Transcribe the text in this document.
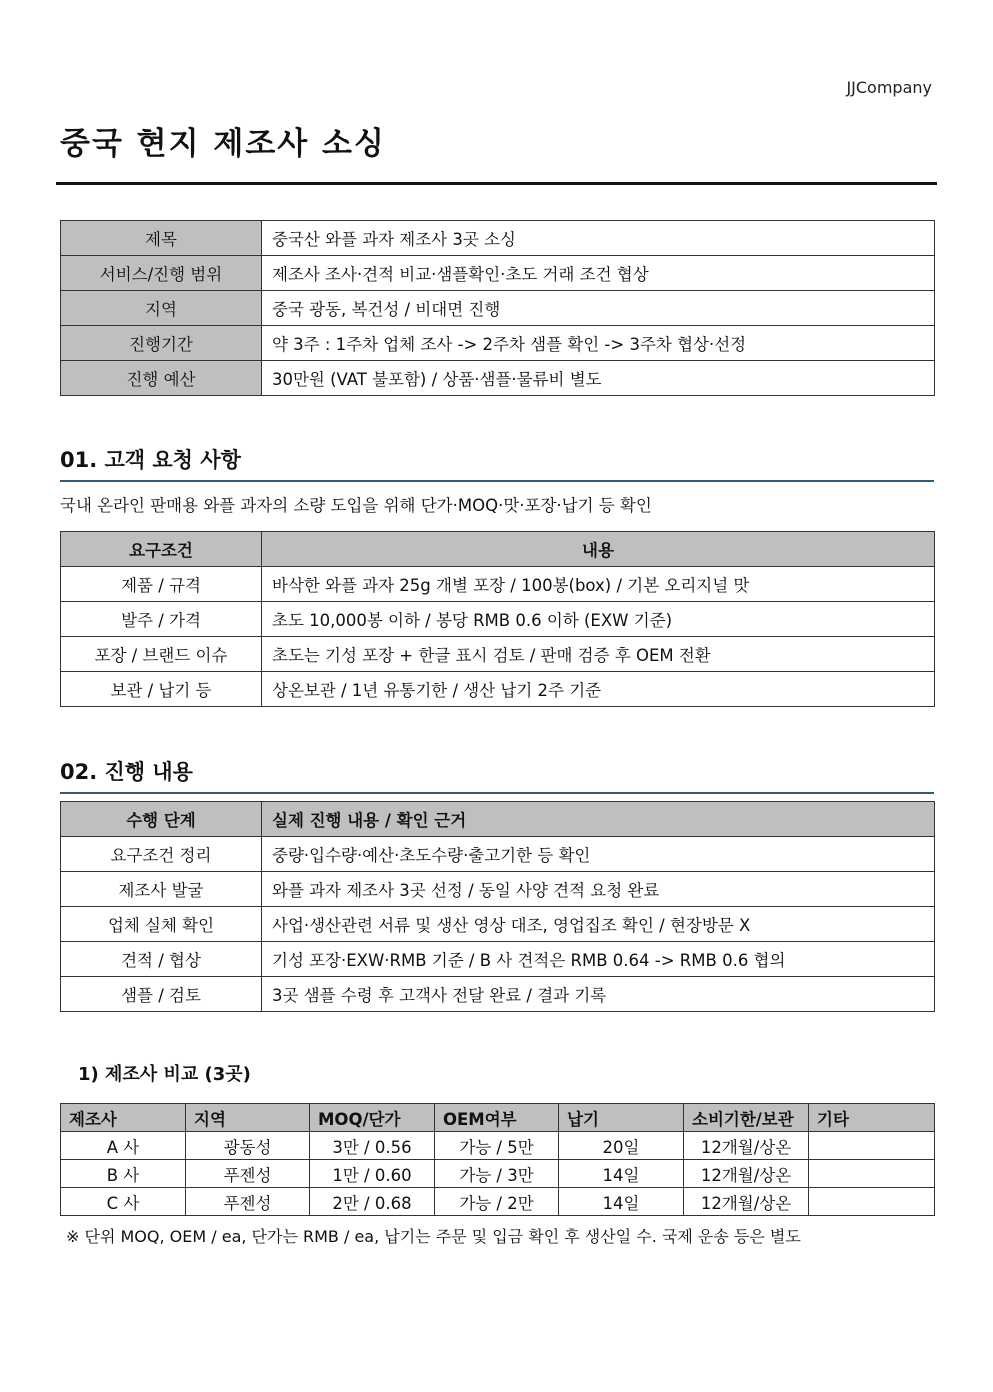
JJCompany
중국 현지 제조사 소싱
제목	중국산 와플 과자 제조사 3곳 소싱
서비스/진행 범위	제조사 조사·견적 비교·샘플확인·초도 거래 조건 협상
지역	중국 광동, 복건성 / 비대면 진행
진행기간	약 3주 : 1주차 업체 조사 -> 2주차 샘플 확인 -> 3주차 협상·선정
진행 예산	30만원 (VAT 불포함) / 상품·샘플·물류비 별도
01. 고객 요청 사항
국내 온라인 판매용 와플 과자의 소량 도입을 위해 단가·MOQ·맛·포장·납기 등 확인
요구조건	내용
제품 / 규격	바삭한 와플 과자 25g 개별 포장 / 100봉(box) / 기본 오리지널 맛
발주 / 가격	초도 10,000봉 이하 / 봉당 RMB 0.6 이하 (EXW 기준)
포장 / 브랜드 이슈	초도는 기성 포장 + 한글 표시 검토 / 판매 검증 후 OEM 전환
보관 / 납기 등	상온보관 / 1년 유통기한 / 생산 납기 2주 기준
02. 진행 내용
수행 단계	실제 진행 내용 / 확인 근거
요구조건 정리	중량·입수량·예산·초도수량·출고기한 등 확인
제조사 발굴	와플 과자 제조사 3곳 선정 / 동일 사양 견적 요청 완료
업체 실체 확인	사업·생산관련 서류 및 생산 영상 대조, 영업집조 확인 / 현장방문 X
견적 / 협상	기성 포장·EXW·RMB 기준 / B 사 견적은 RMB 0.64 -> RMB 0.6 협의
샘플 / 검토	3곳 샘플 수령 후 고객사 전달 완료 / 결과 기록
1) 제조사 비교 (3곳)
제조사	지역	MOQ/단가	OEM여부	납기	소비기한/보관	기타
A 사	광동성	3만 / 0.56	가능 / 5만	20일	12개월/상온	
B 사	푸젠성	1만 / 0.60	가능 / 3만	14일	12개월/상온	
C 사	푸젠성	2만 / 0.68	가능 / 2만	14일	12개월/상온	
※ 단위 MOQ, OEM / ea, 단가는 RMB / ea, 납기는 주문 및 입금 확인 후 생산일 수. 국제 운송 등은 별도
